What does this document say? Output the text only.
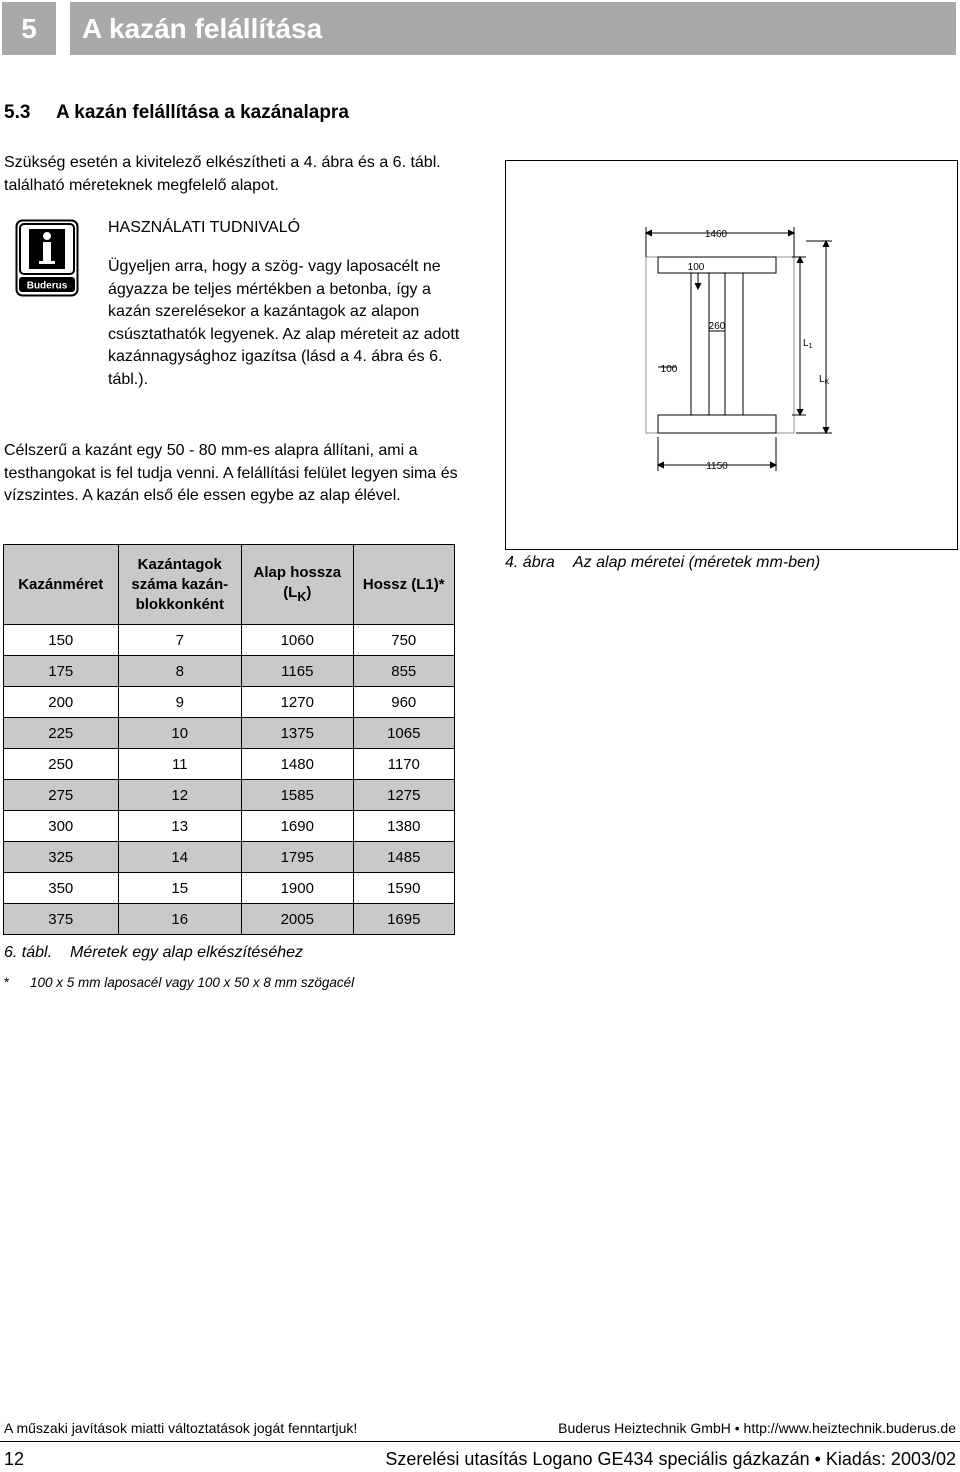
5	A kazán felállítása
5.3 A kazán felállítása a kazánalapra
Szükség esetén a kivitelező elkészítheti a 4. ábra és a 6. tábl. található méreteknek megfelelő alapot.
Buderus
HASZNÁLATI TUDNIVALÓ
Ügyeljen arra, hogy a szög- vagy laposacélt ne ágyazza be teljes mértékben a betonba, így a kazán szerelésekor a kazántagok az alapon csúsztathatók legyenek. Az alap méreteit az adott kazánnagysághoz igazítsa (lásd a 4. ábra és 6. tábl.).
Célszerű a kazánt egy 50 - 80 mm-es alapra állítani, ami a testhangokat is fel tudja venni. A felállítási felület legyen sima és vízszintes. A kazán első éle essen egybe az alap élével.
Kazánméret	Kazántagok száma kazán-blokkonként	Alap hossza $(L_K)$	Hossz (L1)*
150	7	1060	750
175	8	1165	855
200	9	1270	960
225	10	1375	1065
250	11	1480	1170
275	12	1585	1275
300	13	1690	1380
325	14	1795	1485
350	15	1900	1590
375	16	2005	1695
6. tábl. Méretek egy alap elkészítéséhez
* 100 x 5 mm laposacél vagy 100 x 50 x 8 mm szögacél
1460
100
260
100
1150
$L_1$
$L_K$
4. ábra Az alap méretei (méretek mm-ben)
A műszaki javítások miatti változtatások jogát fenntartjuk!	Buderus Heiztechnik GmbH • http://www.heiztechnik.buderus.de
12	Szerelési utasítás Logano GE434 speciális gázkazán • Kiadás: 2003/02
